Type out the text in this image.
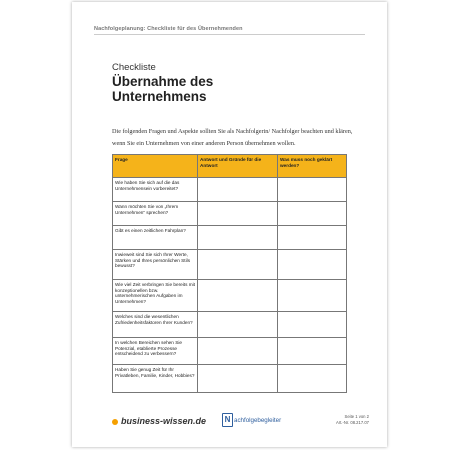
Nachfolgeplanung: Checkliste für des Übernehmenden
Checkliste
Übernahme des
Unternehmens
Die folgenden Fragen und Aspekte sollten Sie als Nachfolgerin/ Nachfolger beachten und klären, wenn Sie ein Unternehmen von einer anderen Person übernehmen wollen.
Frage	Antwort und Gründe für die Antwort	Was muss noch geklärt werden?
Wie haben Sie sich auf die das Unternehmensein vorbereitet?		
Wann möchten Sie von „Ihrem Unternehmen“ sprechen?		
Gibt es einen zeitlichen Fahrplan?		
Inwieweit sind Sie sich Ihrer Werte, Stärken und Ihres persönlichen Stils bewusst?		
Wie viel Zeit verbringen Sie bereits mit konzeptionellen bzw. unternehmerischen Aufgaben im Unternehmen?		
Welches sind die wesentlichen Zufriedenheitsfaktoren Ihrer Kunden?		
In welchen Bereichen sehen Sie Potenzial, etablierte Prozesse entscheidend zu verbessern?		
Haben Sie genug Zeit für Ihr Privatleben, Familie, Kinder, Hobbies?		
business-wissen.de	N achfolgebegleiter	Seite 1 von 2
Art.-Nr. 08.217.07
